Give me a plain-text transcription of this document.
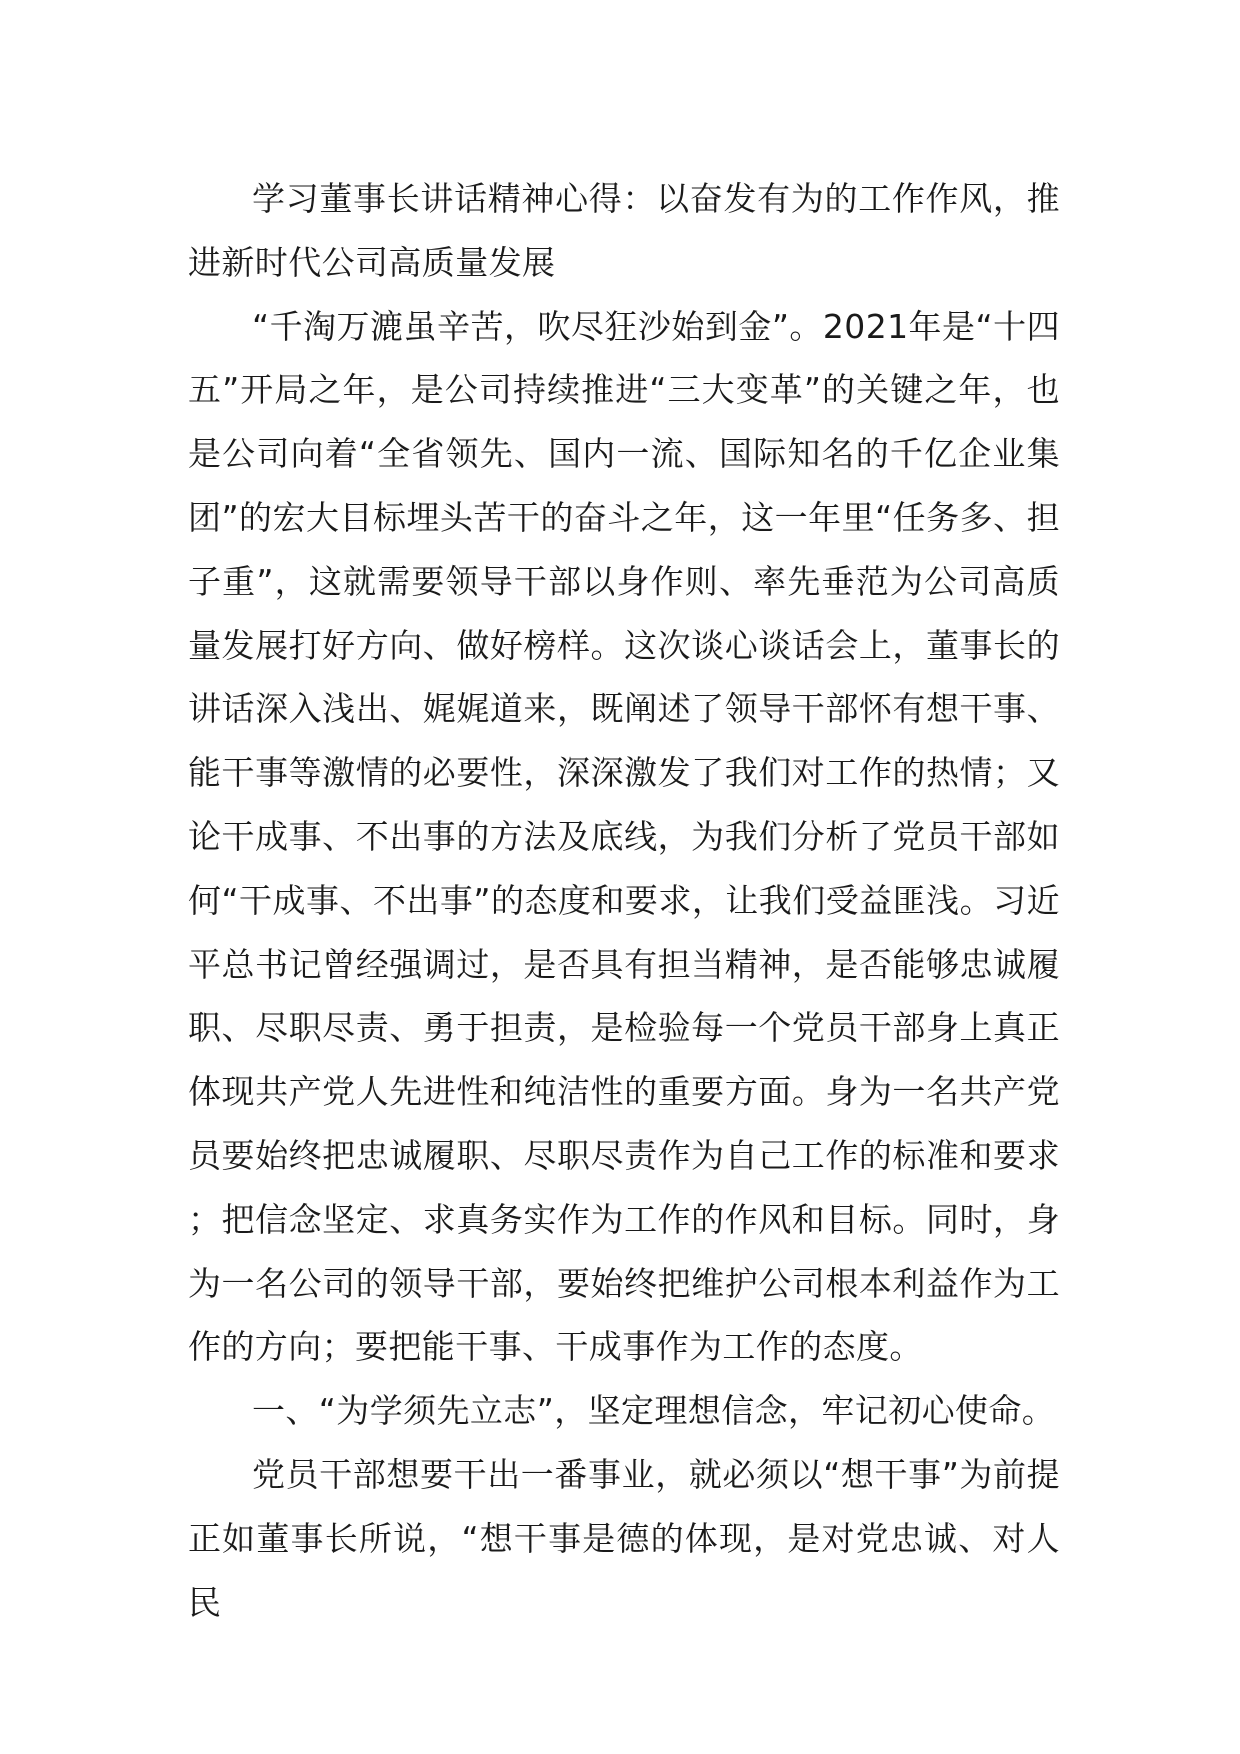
学习董事长讲话精神心得：以奋发有为的工作作风，推进新时代公司高质量发展

“千淘万漉虽辛苦，吹尽狂沙始到金”。2021年是“十四五”开局之年，是公司持续推进“三大变革”的关键之年，也是公司向着“全省领先、国内一流、国际知名的千亿企业集团”的宏大目标埋头苦干的奋斗之年，这一年里“任务多、担子重”，这就需要领导干部以身作则、率先垂范为公司高质量发展打好方向、做好榜样。这次谈心谈话会上，董事长的讲话深入浅出、娓娓道来，既阐述了领导干部怀有想干事、能干事等激情的必要性，深深激发了我们对工作的热情；又论干成事、不出事的方法及底线，为我们分析了党员干部如何“干成事、不出事”的态度和要求，让我们受益匪浅。习近平总书记曾经强调过，是否具有担当精神，是否能够忠诚履职、尽职尽责、勇于担责，是检验每一个党员干部身上真正体现共产党人先进性和纯洁性的重要方面。身为一名共产党员要始终把忠诚履职、尽职尽责作为自己工作的标准和要求；把信念坚定、求真务实作为工作的作风和目标。同时，身为一名公司的领导干部，要始终把维护公司根本利益作为工作的方向；要把能干事、干成事作为工作的态度。

一、“为学须先立志”，坚定理想信念，牢记初心使命。

党员干部想要干出一番事业，就必须以“想干事”为前提正如董事长所说，“想干事是德的体现，是对党忠诚、对人民
